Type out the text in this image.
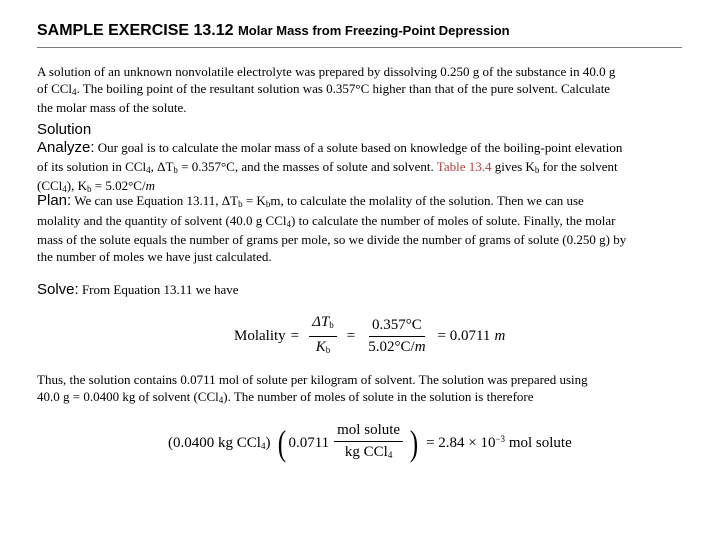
SAMPLE EXERCISE 13.12 Molar Mass from Freezing-Point Depression
A solution of an unknown nonvolatile electrolyte was prepared by dissolving 0.250 g of the substance in 40.0 g
of CCl$_4$. The boiling point of the resultant solution was 0.357°C higher than that of the pure solvent. Calculate
the molar mass of the solute.
Solution
Analyze: Our goal is to calculate the molar mass of a solute based on knowledge of the boiling-point elevation
of its solution in CCl$_4$, $\Delta T_b = 0.357^\circ C$, and the masses of solute and solvent. Table 13.4 gives $K_b$ for the solvent
(CCl$_4$), $K_b = 5.02^\circ C/m$
Plan: We can use Equation 13.11, $\Delta T_b = K_bm$, to calculate the molality of the solution. Then we can use
molality and the quantity of solvent (40.0 g CCl$_4$) to calculate the number of moles of solute. Finally, the molar
mass of the solute equals the number of grams per mole, so we divide the number of grams of solute (0.250 g) by
the number of moles we have just calculated.
Solve: From Equation 13.11 we have
Molality = $\frac{\Delta T_b}{K_b} = \frac{0.357^\circ C}{5.02^\circ C/m} = 0.0711$ m
Thus, the solution contains 0.0711 mol of solute per kilogram of solvent. The solution was prepared using
40.0 g = 0.0400 kg of solvent (CCl$_4$). The number of moles of solute in the solution is therefore
(0.0400 kg CCl$_4$) ( $0.0711 \frac{\text{mol solute}}{kg CCl_4}$ ) = $2.84 \times 10^{-3}$ mol solute
